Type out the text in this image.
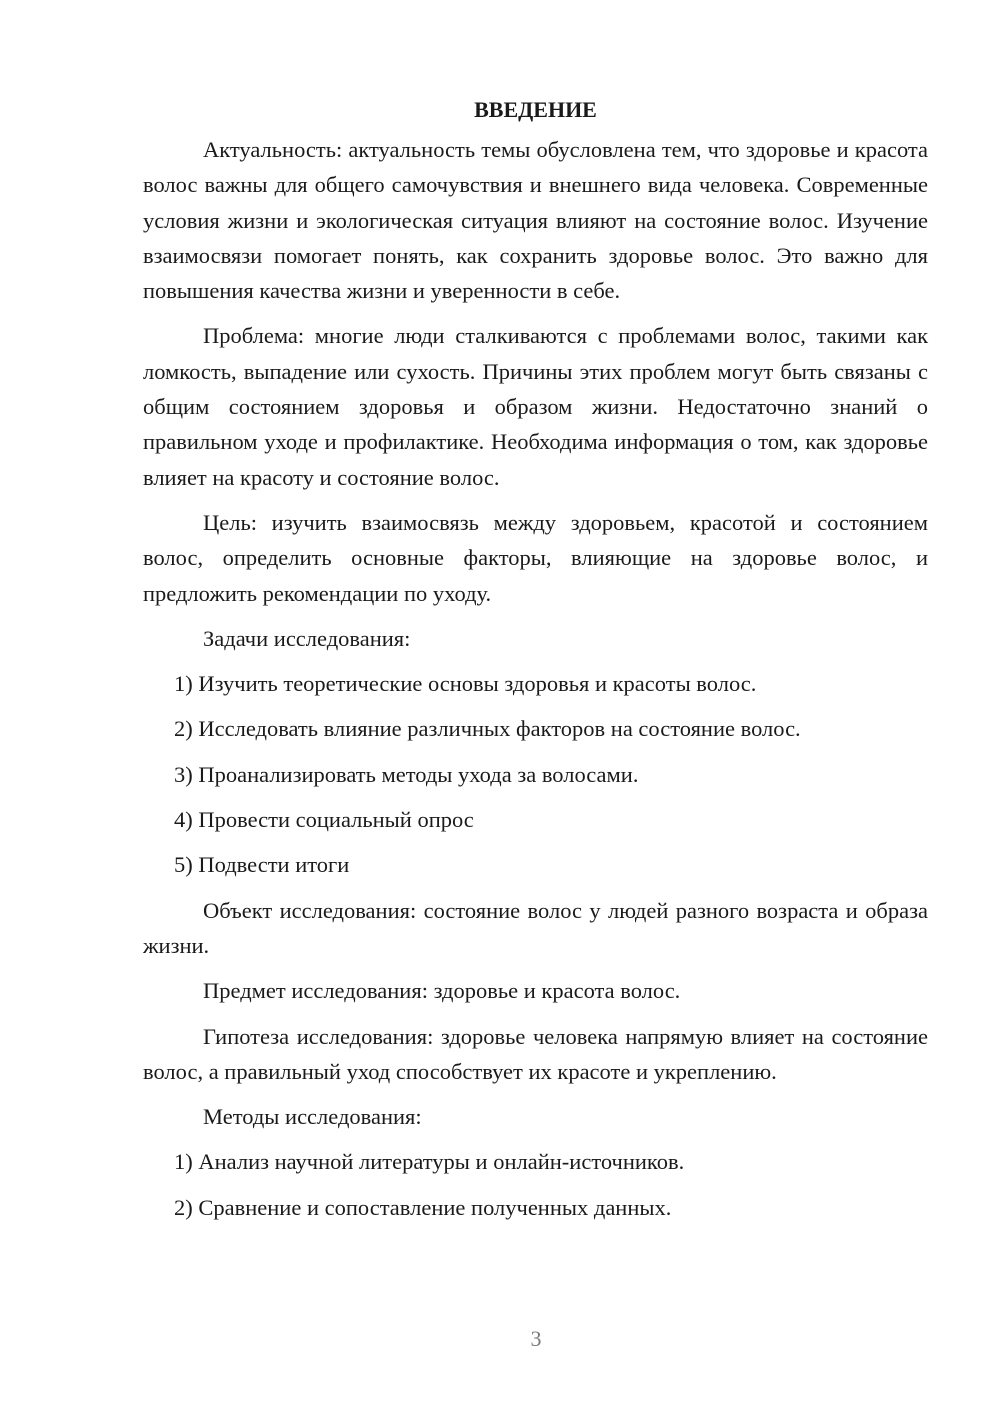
ВВЕДЕНИЕ

Актуальность: актуальность темы обусловлена тем, что здоровье и красота волос важны для общего самочувствия и внешнего вида человека. Современные условия жизни и экологическая ситуация влияют на состояние волос. Изучение взаимосвязи помогает понять, как сохранить здоровье волос. Это важно для повышения качества жизни и уверенности в себе.

Проблема: многие люди сталкиваются с проблемами волос, такими как ломкость, выпадение или сухость. Причины этих проблем могут быть связаны с общим состоянием здоровья и образом жизни. Недостаточно знаний о правильном уходе и профилактике. Необходима информация о том, как здоровье влияет на красоту и состояние волос.

Цель: изучить взаимосвязь между здоровьем, красотой и состоянием волос, определить основные факторы, влияющие на здоровье волос, и предложить рекомендации по уходу.

Задачи исследования:

1) Изучить теоретические основы здоровья и красоты волос.

2) Исследовать влияние различных факторов на состояние волос.

3) Проанализировать методы ухода за волосами.

4) Провести социальный опрос

5) Подвести итоги

Объект исследования: состояние волос у людей разного возраста и образа жизни.

Предмет исследования: здоровье и красота волос.

Гипотеза исследования: здоровье человека напрямую влияет на состояние волос, а правильный уход способствует их красоте и укреплению.

Методы исследования:

1) Анализ научной литературы и онлайн-источников.

2) Сравнение и сопоставление полученных данных.

3
